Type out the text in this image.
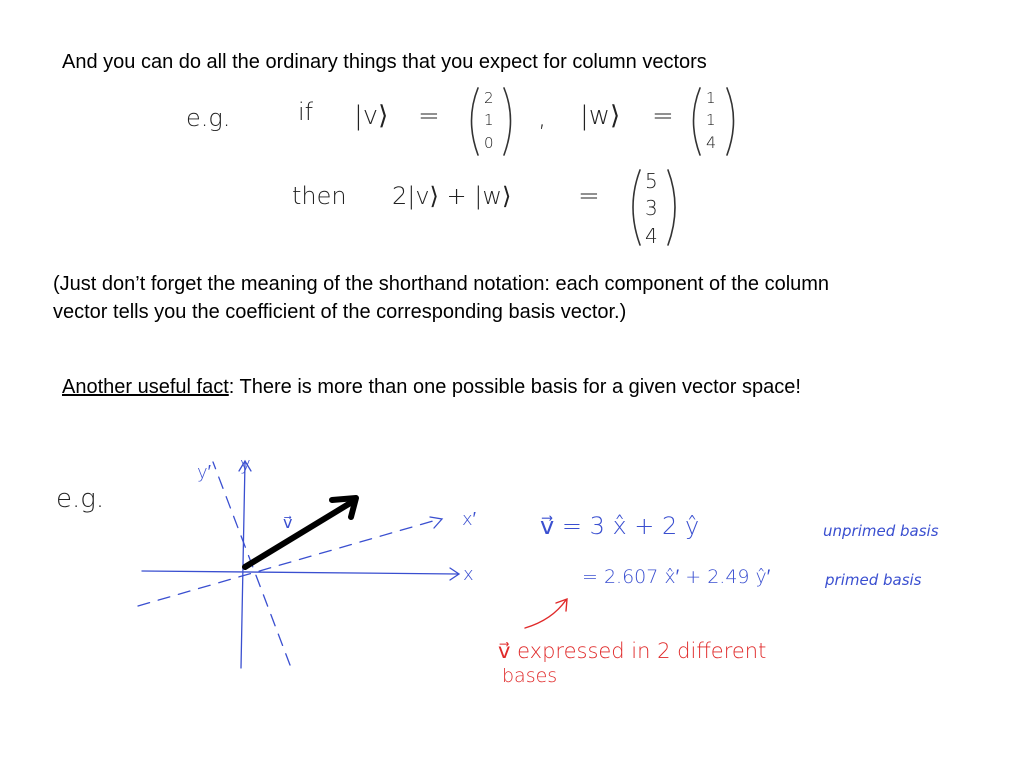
And you can do all the ordinary things that you expect for column vectors
(Just don’t forget the meaning of the shorthand notation: each component of the column
vector tells you the coefficient of the corresponding basis vector.)
Another useful fact: There is more than one possible basis for a given vector space!
e.g.	if |v⟩ =
2
1
0
, |w⟩ =
1
1
4
then 2|v⟩ + |w⟩	= 5
3
4
e.g.
y′ y
x′
x
v⃗	v⃗ = 3 x̂ + 2 ŷ	unprimed basis
= 2.607 x̂′ + 2.49 ŷ′	primed basis
v⃗ expressed in 2 different
bases
